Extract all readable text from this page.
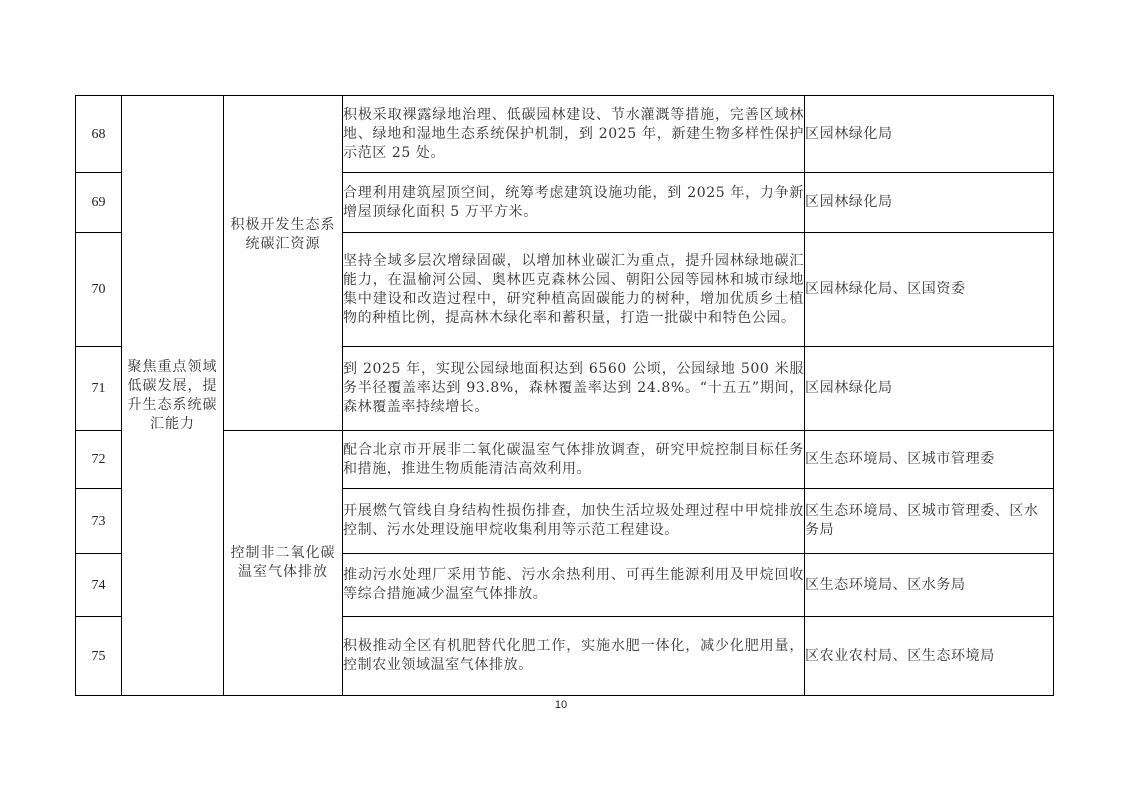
68	聚焦重点领域低碳发展，提升生态系统碳汇能力	积极开发生态系统碳汇资源	积极采取裸露绿地治理、低碳园林建设、节水灌溉等措施，完善区域林地、绿地和湿地生态系统保护机制，到 2025 年，新建生物多样性保护示范区 25 处。	区园林绿化局
69			合理利用建筑屋顶空间，统筹考虑建筑设施功能，到 2025 年，力争新增屋顶绿化面积 5 万平方米。	区园林绿化局
70			坚持全域多层次增绿固碳，以增加林业碳汇为重点，提升园林绿地碳汇能力，在温榆河公园、奥林匹克森林公园、朝阳公园等园林和城市绿地集中建设和改造过程中，研究种植高固碳能力的树种，增加优质乡土植物的种植比例，提高林木绿化率和蓄积量，打造一批碳中和特色公园。	区园林绿化局、区国资委
71			到 2025 年，实现公园绿地面积达到 6560 公顷，公园绿地 500 米服务半径覆盖率达到 93.8%，森林覆盖率达到 24.8%。“十五五”期间，森林覆盖率持续增长。	区园林绿化局
72		控制非二氧化碳温室气体排放	配合北京市开展非二氧化碳温室气体排放调查，研究甲烷控制目标任务和措施，推进生物质能清洁高效利用。	区生态环境局、区城市管理委
73			开展燃气管线自身结构性损伤排查，加快生活垃圾处理过程中甲烷排放控制、污水处理设施甲烷收集利用等示范工程建设。	区生态环境局、区城市管理委、区水务局
74			推动污水处理厂采用节能、污水余热利用、可再生能源利用及甲烷回收等综合措施减少温室气体排放。	区生态环境局、区水务局
75			积极推动全区有机肥替代化肥工作，实施水肥一体化，减少化肥用量，控制农业领域温室气体排放。	区农业农村局、区生态环境局
10
